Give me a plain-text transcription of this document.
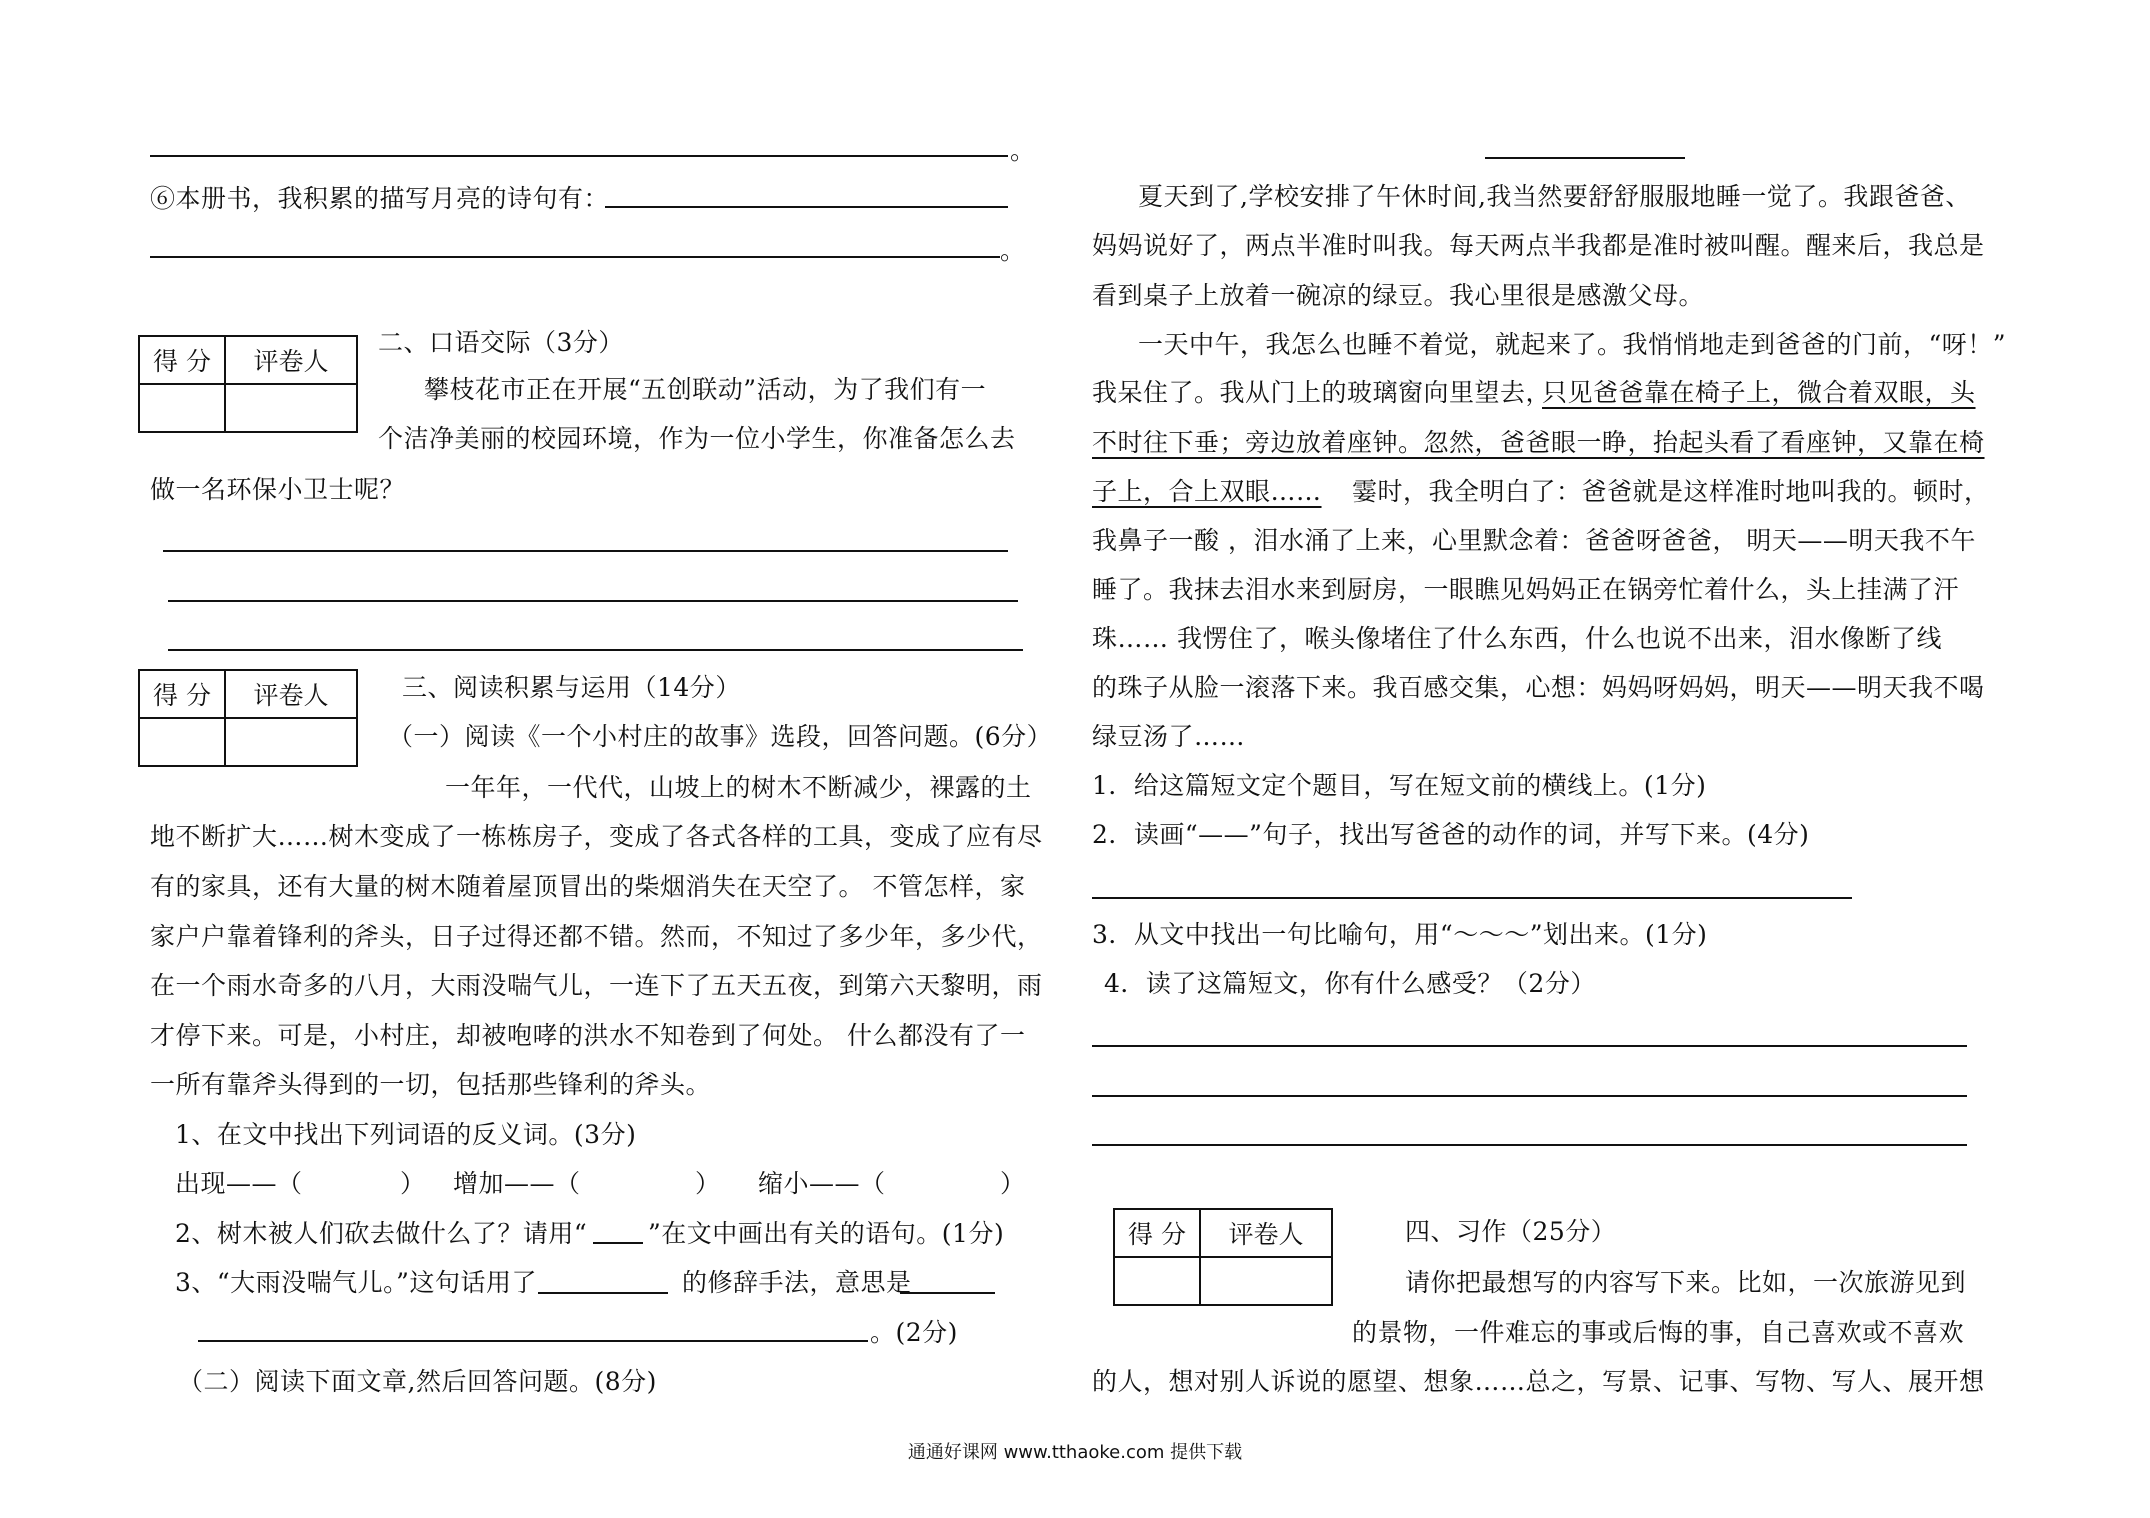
。
⑥本册书，我积累的描写月亮的诗句有：
。
得 分	评卷人

二、口语交际（3分）
攀枝花市正在开展“五创联动”活动，为了我们有一
个洁净美丽的校园环境，作为一位小学生，你准备怎么去
做一名环保小卫士呢？
得 分	评卷人
		三、阅读积累与运用（14分）
（一）阅读《一个小村庄的故事》选段，回答问题。(6分）
一年年，一代代，山坡上的树木不断减少，裸露的土
地不断扩大……树木变成了一栋栋房子，变成了各式各样的工具，变成了应有尽
有的家具，还有大量的树木随着屋顶冒出的柴烟消失在天空了。 不管怎样，家
家户户靠着锋利的斧头，日子过得还都不错。然而，不知过了多少年，多少代，
在一个雨水奇多的八月，大雨没喘气儿，一连下了五天五夜，到第六天黎明，雨
才停下来。可是，小村庄，却被咆哮的洪水不知卷到了何处。 什么都没有了一
一所有靠斧头得到的一切，包括那些锋利的斧头。
1、在文中找出下列词语的反义词。(3分)
出现——（	） 增加——（	） 缩小——（	）
2、树木被人们砍去做什么了？请用“ ”在文中画出有关的语句。(1分)
3、“大雨没喘气儿。”这句话用了	的修辞手法，意思是
。(2分)
（二）阅读下面文章,然后回答问题。(8分)
夏天到了,学校安排了午休时间,我当然要舒舒服服地睡一觉了。我跟爸爸、
妈妈说好了，两点半准时叫我。每天两点半我都是准时被叫醒。醒来后，我总是
看到桌子上放着一碗凉的绿豆。我心里很是感激父母。
一天中午，我怎么也睡不着觉，就起来了。我悄悄地走到爸爸的门前，“呀！”
我呆住了。我从门上的玻璃窗向里望去，
只见爸爸靠在椅子上，微合着双眼，头
不时往下垂；旁边放着座钟。忽然，爸爸眼一睁，抬起头看了看座钟，又靠在椅
子上，合上双眼…… 霎时，我全明白了：爸爸就是这样准时地叫我的。顿时，
我鼻子一酸 ，泪水涌了上来，心里默念着：爸爸呀爸爸， 明天——明天我不午
睡了。我抹去泪水来到厨房，一眼瞧见妈妈正在锅旁忙着什么，头上挂满了汗
珠…… 我愣住了，喉头像堵住了什么东西，什么也说不出来，泪水像断了线
的珠子从脸一滚落下来。我百感交集，心想：妈妈呀妈妈，明天——明天我不喝
绿豆汤了……
1．给这篇短文定个题目，写在短文前的横线上。(1分)
2．读画“——”句子，找出写爸爸的动作的词，并写下来。(4分)
3．从文中找出一句比喻句，用“～～～”划出来。(1分)
4．读了这篇短文，你有什么感受？（2分）
得 分	评卷人
		四、习作（25分）
请你把最想写的内容写下来。比如，一次旅游见到
的景物，一件难忘的事或后悔的事，自己喜欢或不喜欢
的人，想对别人诉说的愿望、想象……总之，写景、记事、写物、写人、展开想
通通好课网 www.tthaoke.com 提供下载
